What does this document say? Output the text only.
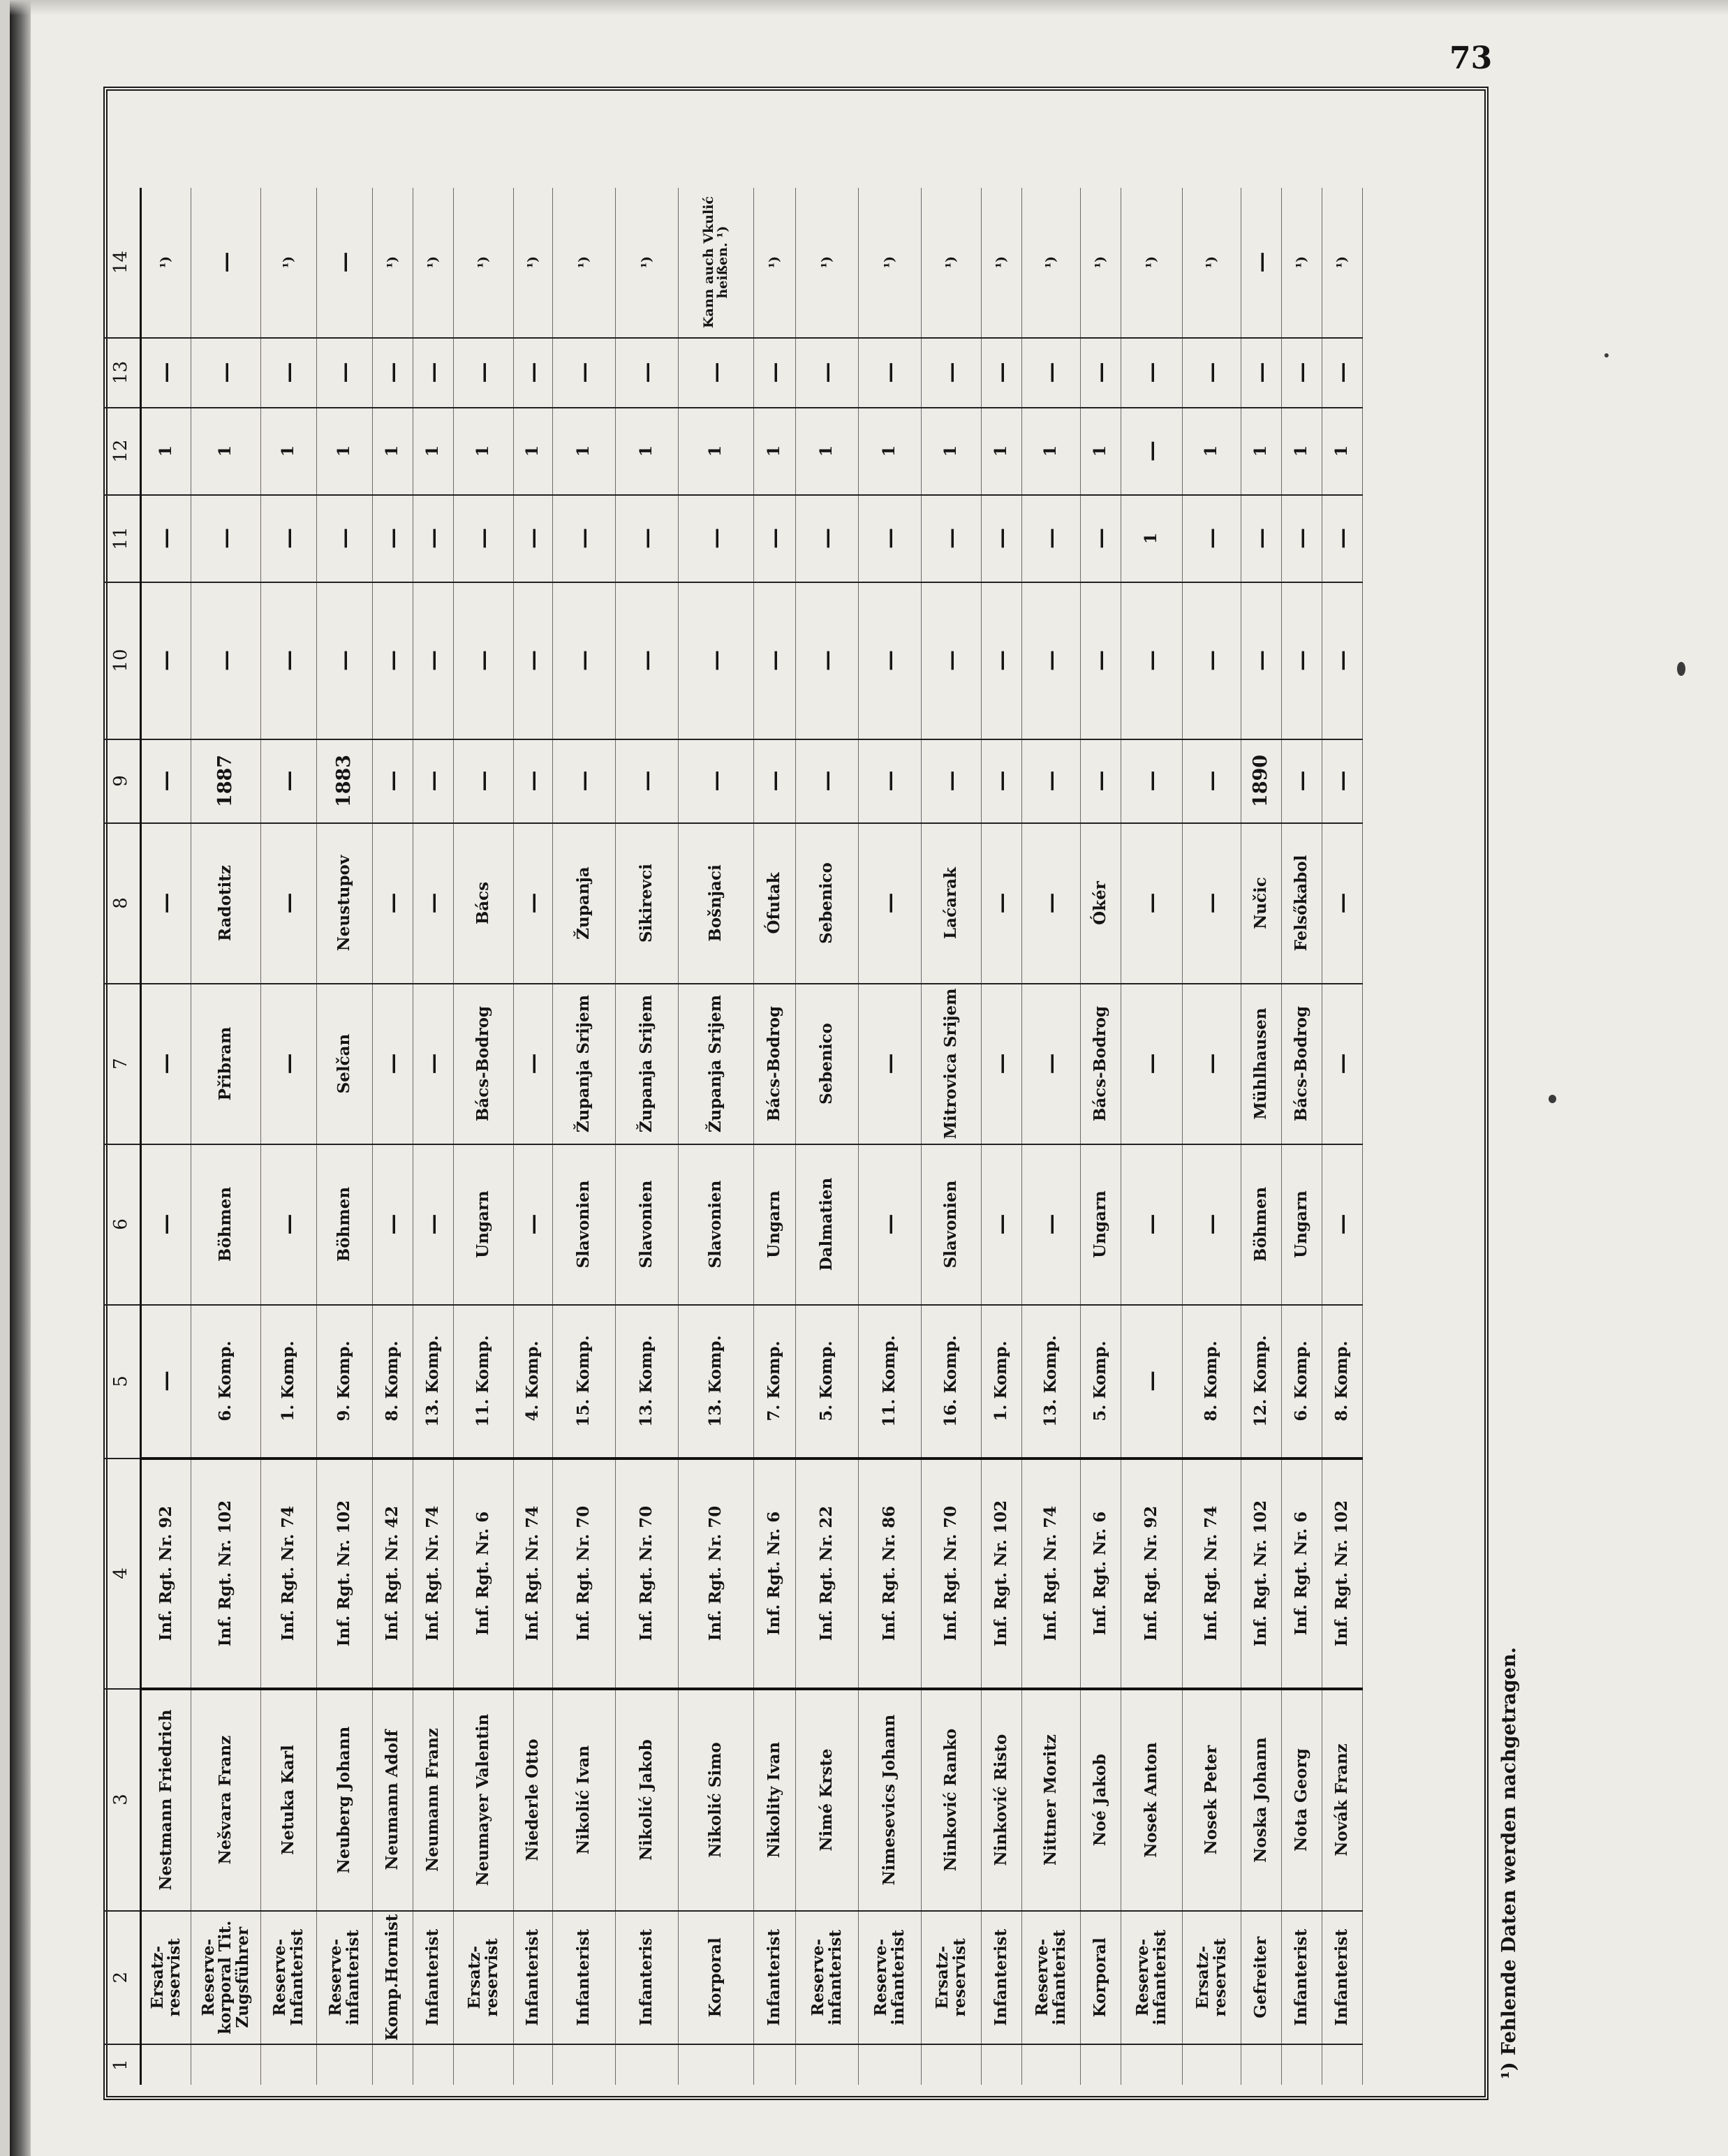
73
1	2	3	4	5	6	7	8	9	10	11	12	13	14
	Ersatz-reservist	Nestmann Friedrich	Inf. Rgt. Nr. 92	—	—	—	—	—	—	—	1	—	¹)
	Reserve-korporal Tit. Zugsführer	Nešvara Franz	Inf. Rgt. Nr. 102	6. Komp.	Böhmen	Přibram	Radotitz	1887	—	—	1	—	—
	Reserve-Infanterist	Netuka Karl	Inf. Rgt. Nr. 74	1. Komp.	—	—	—	—	—	—	1	—	¹)
	Reserve-infanterist	Neuberg Johann	Inf. Rgt. Nr. 102	9. Komp.	Böhmen	Selčan	Neustupov	1883	—	—	1	—	—
	Komp.Hornist	Neumann Adolf	Inf. Rgt. Nr. 42	8. Komp.	—	—	—	—	—	—	1	—	¹)
	Infanterist	Neumann Franz	Inf. Rgt. Nr. 74	13. Komp.	—	—	—	—	—	—	1	—	¹)
	Ersatz-reservist	Neumayer Valentin	Inf. Rgt. Nr. 6	11. Komp.	Ungarn	Bács-Bodrog	Bács	—	—	—	1	—	¹)
	Infanterist	Niederle Otto	Inf. Rgt. Nr. 74	4. Komp.	—	—	—	—	—	—	1	—	¹)
	Infanterist	Nikolić Ivan	Inf. Rgt. Nr. 70	15. Komp.	Slavonien	Županja Srijem	Županja	—	—	—	1	—	¹)
	Infanterist	Nikolić Jakob	Inf. Rgt. Nr. 70	13. Komp.	Slavonien	Županja Srijem	Sikirevci	—	—	—	1	—	¹)
	Korporal	Nikolić Simo	Inf. Rgt. Nr. 70	13. Komp.	Slavonien	Županja Srijem	Bošnjaci	—	—	—	1	—	Kann auch Vkulić heißen. ¹)
	Infanterist	Nikolity Ivan	Inf. Rgt. Nr. 6	7. Komp.	Ungarn	Bács-Bodrog	Ófutak	—	—	—	1	—	¹)
	Reserve-infanterist	Nimé Krste	Inf. Rgt. Nr. 22	5. Komp.	Dalmatien	Sebenico	Sebenico	—	—	—	1	—	¹)
	Reserve-infanterist	Nimesevics Johann	Inf. Rgt. Nr. 86	11. Komp.	—	—	—	—	—	—	1	—	¹)
	Ersatz-reservist	Ninković Ranko	Inf. Rgt. Nr. 70	16. Komp.	Slavonien	Mitrovica Srijem	Laćarak	—	—	—	1	—	¹)
	Infanterist	Ninković Risto	Inf. Rgt. Nr. 102	1. Komp.	—	—	—	—	—	—	1	—	¹)
	Reserve-infanterist	Nittner Moritz	Inf. Rgt. Nr. 74	13. Komp.	—	—	—	—	—	—	1	—	¹)
	Korporal	Noé Jakob	Inf. Rgt. Nr. 6	5. Komp.	Ungarn	Bács-Bodrog	Ókér	—	—	—	1	—	¹)
	Reserve-infanterist	Nosek Anton	Inf. Rgt. Nr. 92	—	—	—	—	—	—	1	—	—	¹)
	Ersatz-reservist	Nosek Peter	Inf. Rgt. Nr. 74	8. Komp.	—	—	—	—	—	—	1	—	¹)
	Gefreiter	Noska Johann	Inf. Rgt. Nr. 102	12. Komp.	Böhmen	Mühlhausen	Nučic	1890	—	—	1	—	—
	Infanterist	Nota Georg	Inf. Rgt. Nr. 6	6. Komp.	Ungarn	Bács-Bodrog	Felsőkabol	—	—	—	1	—	¹)
	Infanterist	Novák Franz	Inf. Rgt. Nr. 102	8. Komp.	—	—	—	—	—	—	1	—	¹)
¹) Fehlende Daten werden nachgetragen.
